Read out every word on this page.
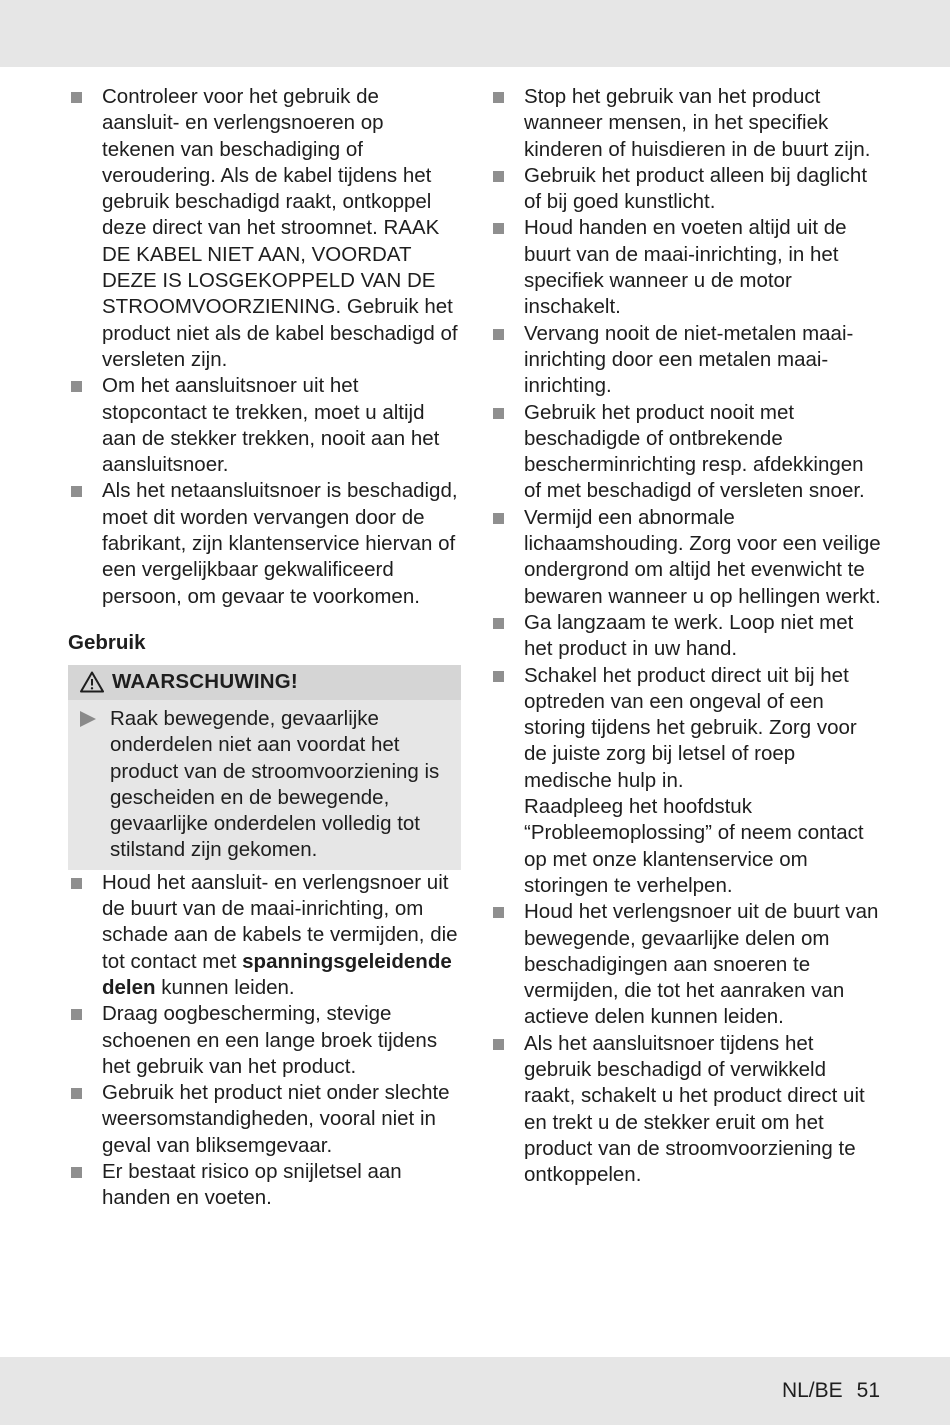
Controleer voor het gebruik de aansluit- en verlengsnoeren op tekenen van beschadiging of veroudering. Als de kabel tijdens het gebruik beschadigd raakt, ontkoppel deze direct van het stroomnet. RAAK DE KABEL NIET AAN, VOORDAT DEZE IS LOSGEKOPPELD VAN DE STROOMVOORZIENING. Gebruik het product niet als de kabel beschadigd of versleten zijn.
Om het aansluitsnoer uit het stopcontact te trekken, moet u altijd aan de stekker trekken, nooit aan het aansluitsnoer.
Als het netaansluitsnoer is beschadigd, moet dit worden vervangen door de fabrikant, zijn klantenservice hiervan of een vergelijkbaar gekwalificeerd persoon, om gevaar te voorkomen.
Gebruik
WAARSCHUWING!
Raak bewegende, gevaarlijke onderdelen niet aan voordat het product van de stroomvoorziening is gescheiden en de bewegende, gevaarlijke onderdelen volledig tot stilstand zijn gekomen.
Houd het aansluit- en verlengsnoer uit de buurt van de maai-inrichting, om schade aan de kabels te vermijden, die tot contact met spanningsgeleidende delen kunnen leiden.
Draag oogbescherming, stevige schoenen en een lange broek tijdens het gebruik van het product.
Gebruik het product niet onder slechte weersomstandigheden, vooral niet in geval van bliksemgevaar.
Er bestaat risico op snijletsel aan handen en voeten.
Stop het gebruik van het product wanneer mensen, in het specifiek kinderen of huisdieren in de buurt zijn.
Gebruik het product alleen bij daglicht of bij goed kunstlicht.
Houd handen en voeten altijd uit de buurt van de maai-inrichting, in het specifiek wanneer u de motor inschakelt.
Vervang nooit de niet-metalen maai-inrichting door een metalen maai-inrichting.
Gebruik het product nooit met beschadigde of ontbrekende bescherminrichting resp. afdekkingen of met beschadigd of versleten snoer.
Vermijd een abnormale lichaamshouding. Zorg voor een veilige ondergrond om altijd het evenwicht te bewaren wanneer u op hellingen werkt.
Ga langzaam te werk. Loop niet met het product in uw hand.
Schakel het product direct uit bij het optreden van een ongeval of een storing tijdens het gebruik. Zorg voor de juiste zorg bij letsel of roep medische hulp in.
Raadpleeg het hoofdstuk “Probleemoplossing” of neem contact op met onze klantenservice om storingen te verhelpen.
Houd het verlengsnoer uit de buurt van bewegende, gevaarlijke delen om beschadigingen aan snoeren te vermijden, die tot het aanraken van actieve delen kunnen leiden.
Als het aansluitsnoer tijdens het gebruik beschadigd of verwikkeld raakt, schakelt u het product direct uit en trekt u de stekker eruit om het product van de stroomvoorziening te ontkoppelen.
NL/BE 51
